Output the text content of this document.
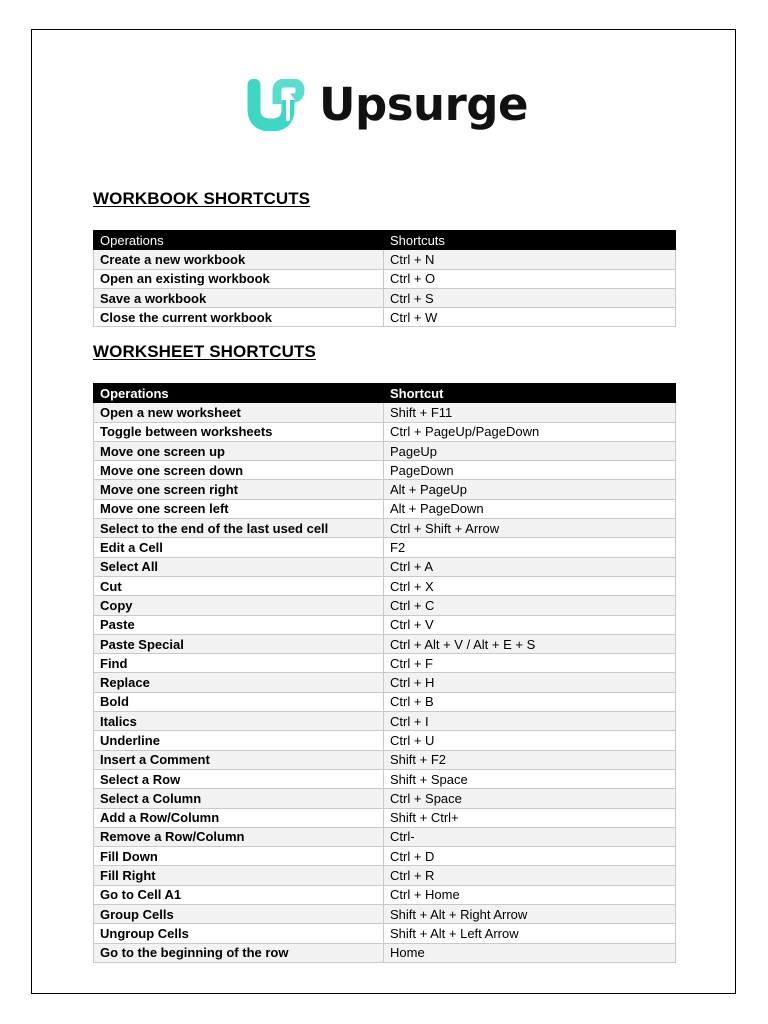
Upsurge
WORKBOOK SHORTCUTS
Operations	Shortcuts
Create a new workbook	Ctrl + N
Open an existing workbook	Ctrl + O
Save a workbook	Ctrl + S
Close the current workbook	Ctrl + W
WORKSHEET SHORTCUTS
Operations	Shortcut
Open a new worksheet	Shift + F11
Toggle between worksheets	Ctrl + PageUp/PageDown
Move one screen up	PageUp
Move one screen down	PageDown
Move one screen right	Alt + PageUp
Move one screen left	Alt + PageDown
Select to the end of the last used cell	Ctrl + Shift + Arrow
Edit a Cell	F2
Select All	Ctrl + A
Cut	Ctrl + X
Copy	Ctrl + C
Paste	Ctrl + V
Paste Special	Ctrl + Alt + V / Alt + E + S
Find	Ctrl + F
Replace	Ctrl + H
Bold	Ctrl + B
Italics	Ctrl + I
Underline	Ctrl + U
Insert a Comment	Shift + F2
Select a Row	Shift + Space
Select a Column	Ctrl + Space
Add a Row/Column	Shift + Ctrl+
Remove a Row/Column	Ctrl-
Fill Down	Ctrl + D
Fill Right	Ctrl + R
Go to Cell A1	Ctrl + Home
Group Cells	Shift + Alt + Right Arrow
Ungroup Cells	Shift + Alt + Left Arrow
Go to the beginning of the row	Home
